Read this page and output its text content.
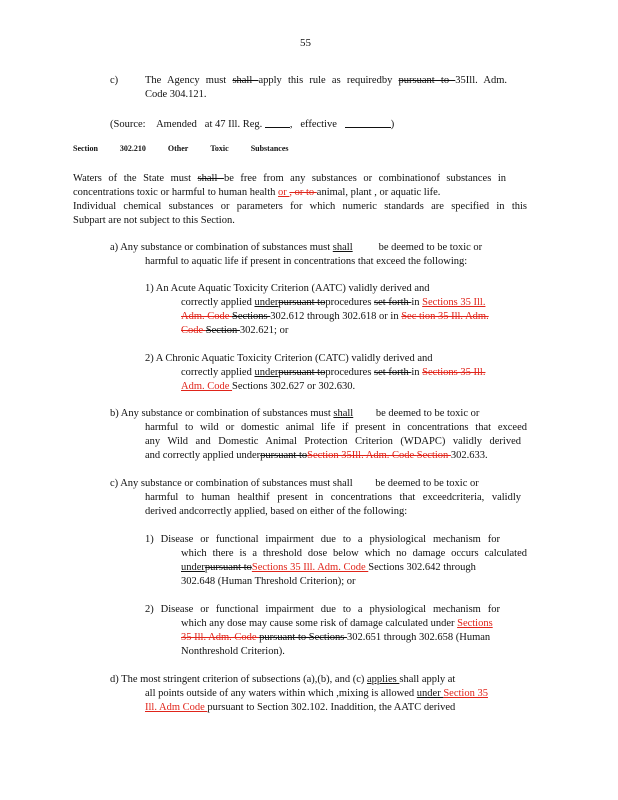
55
c)	The Agency must shall apply this rule as requiredby pursuant to 35Ill. Adm.
Code 304.121.
(Source: Amended at 47 Ill. Reg.	, effective	)
Section	302.210	Other	Toxic	Substances
Waters of the State must shall be free from any substances or combinationof substances in
concentrations toxic or harmful to human health or , or to animal, plant , or aquatic life.
Individual chemical substances or parameters for which numeric standards are specified in this
Subpart are not subject to this Section.
a) Any substance or combination of substances must shall be deemed to be toxic or
harmful to aquatic life if present in concentrations that exceed the following:
1) An Acute Aquatic Toxicity Criterion (AATC) validly derived and
correctly applied underpursuant toprocedures set forth in Sections 35 Ill.
Adm. Code Sections 302.612 through 302.618 or in Sec tion 35 Ill. Adm.
Code Section 302.621; or
2) A Chronic Aquatic Toxicity Criterion (CATC) validly derived and
correctly applied underpursuant toprocedures set forth in Sections 35 Ill.
Adm. Code Sections 302.627 or 302.630.
b) Any substance or combination of substances must shall be deemed to be toxic or
harmful to wild or domestic animal life if present in concentrations that exceed
any Wild and Domestic Animal Protection Criterion (WDAPC) validly derived
and correctly applied underpursuant toSection 35Ill. Adm. Code Section 302.633.
c) Any substance or combination of substances must shall be deemed to be toxic or
harmful to human healthif present in concentrations that exceedcriteria, validly
derived andcorrectly applied, based on either of the following:
1) Disease or functional impairment due to a physiological mechanism for
which there is a threshold dose below which no damage occurs calculated
underpursuant toSections 35 Ill. Adm. Code Sections 302.642 through
302.648 (Human Threshold Criterion); or
2) Disease or functional impairment due to a physiological mechanism for
which any dose may cause some risk of damage calculated under Sections
35 Ill. Adm. Code pursuant to Sections 302.651 through 302.658 (Human
Nonthreshold Criterion).
d) The most stringent criterion of subsections (a),(b), and (c) applies shall apply at
all points outside of any waters within which ,mixing is allowed under Section 35
Ill. Adm Code pursuant to Section 302.102. Inaddition, the AATC derived
